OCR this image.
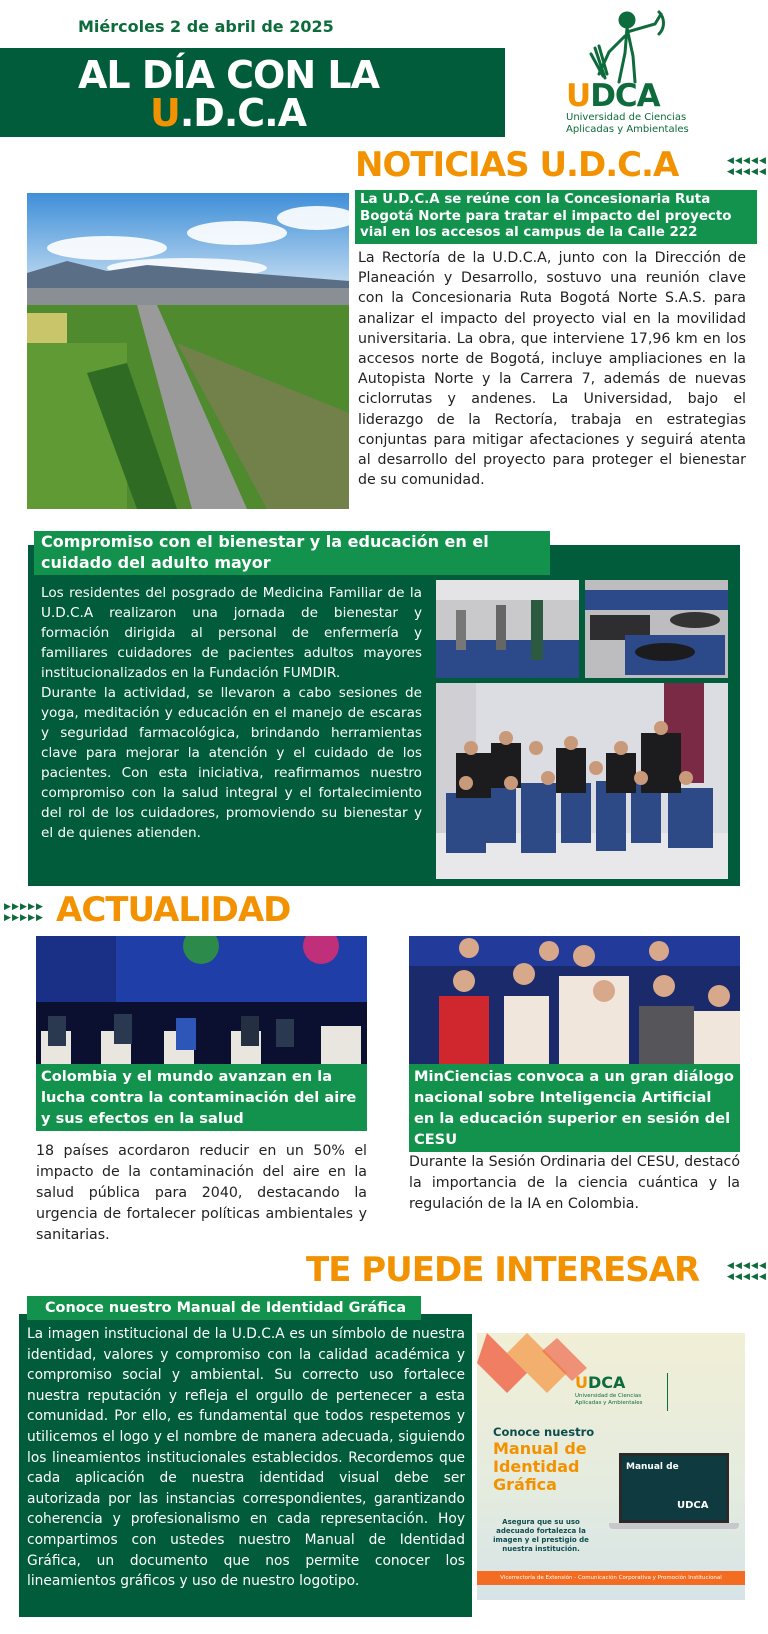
Miércoles 2 de abril de 2025
AL DÍA CON LA
U.D.C.A	UDCA
Universidad de Ciencias
Aplicadas y Ambientales
NOTICIAS U.D.C.A	◀ ◀ ◀ ◀ ◀
◀ ◀ ◀ ◀ ◀
La U.D.C.A se reúne con la Concesionaria Ruta Bogotá Norte para tratar el impacto del proyecto vial en los accesos al campus de la Calle 222
La Rectoría de la U.D.C.A, junto con la Dirección de Planeación y Desarrollo, sostuvo una reunión clave con la Concesionaria Ruta Bogotá Norte S.A.S. para analizar el impacto del proyecto vial en la movilidad universitaria. La obra, que interviene 17,96 km en los accesos norte de Bogotá, incluye ampliaciones en la Autopista Norte y la Carrera 7, además de nuevas ciclorrutas y andenes. La Universidad, bajo el liderazgo de la Rectoría, trabaja en estrategias conjuntas para mitigar afectaciones y seguirá atenta al desarrollo del proyecto para proteger el bienestar de su comunidad.
Compromiso con el bienestar y la educación en el cuidado del adulto mayor
Los residentes del posgrado de Medicina Familiar de la U.D.C.A realizaron una jornada de bienestar y formación dirigida al personal de enfermería y familiares cuidadores de pacientes adultos mayores institucionalizados en la Fundación FUMDIR.
Durante la actividad, se llevaron a cabo sesiones de yoga, meditación y educación en el manejo de escaras y seguridad farmacológica, brindando herramientas clave para mejorar la atención y el cuidado de los pacientes. Con esta iniciativa, reafirmamos nuestro compromiso con la salud integral y el fortalecimiento del rol de los cuidadores, promoviendo su bienestar y el de quienes atienden.
▶ ▶ ▶ ▶ ▶
▶ ▶ ▶ ▶ ▶ ACTUALIDAD
Colombia y el mundo avanzan en la lucha contra la contaminación del aire y sus efectos en la salud
18 países acordaron reducir en un 50% el impacto de la contaminación del aire en la salud pública para 2040, destacando la urgencia de fortalecer políticas ambientales y sanitarias.
MinCiencias convoca a un gran diálogo nacional sobre Inteligencia Artificial en la educación superior en sesión del CESU
Durante la Sesión Ordinaria del CESU, destacó la importancia de la ciencia cuántica y la regulación de la IA en Colombia.
TE PUEDE INTERESAR	◀ ◀ ◀ ◀ ◀
◀ ◀ ◀ ◀ ◀
Conoce nuestro Manual de Identidad Gráfica
La imagen institucional de la U.D.C.A es un símbolo de nuestra identidad, valores y compromiso con la calidad académica y compromiso social y ambiental. Su correcto uso fortalece nuestra reputación y refleja el orgullo de pertenecer a esta comunidad. Por ello, es fundamental que todos respetemos y utilicemos el logo y el nombre de manera adecuada, siguiendo los lineamientos institucionales establecidos. Recordemos que cada aplicación de nuestra identidad visual debe ser autorizada por las instancias correspondientes, garantizando coherencia y profesionalismo en cada representación. Hoy compartimos con ustedes nuestro Manual de Identidad Gráfica, un documento que nos permite conocer los lineamientos gráficos y uso de nuestro logotipo.
UDCA
Universidad de Ciencias Aplicadas y Ambientales
Conoce nuestro
Manual de
Identidad
Gráfica
Asegura que su uso adecuado fortalezca la imagen y el prestigio de nuestra institución.
Manual de
UDCA
Vicerrectoría de Extensión - Comunicación Corporativa y Promoción Institucional
